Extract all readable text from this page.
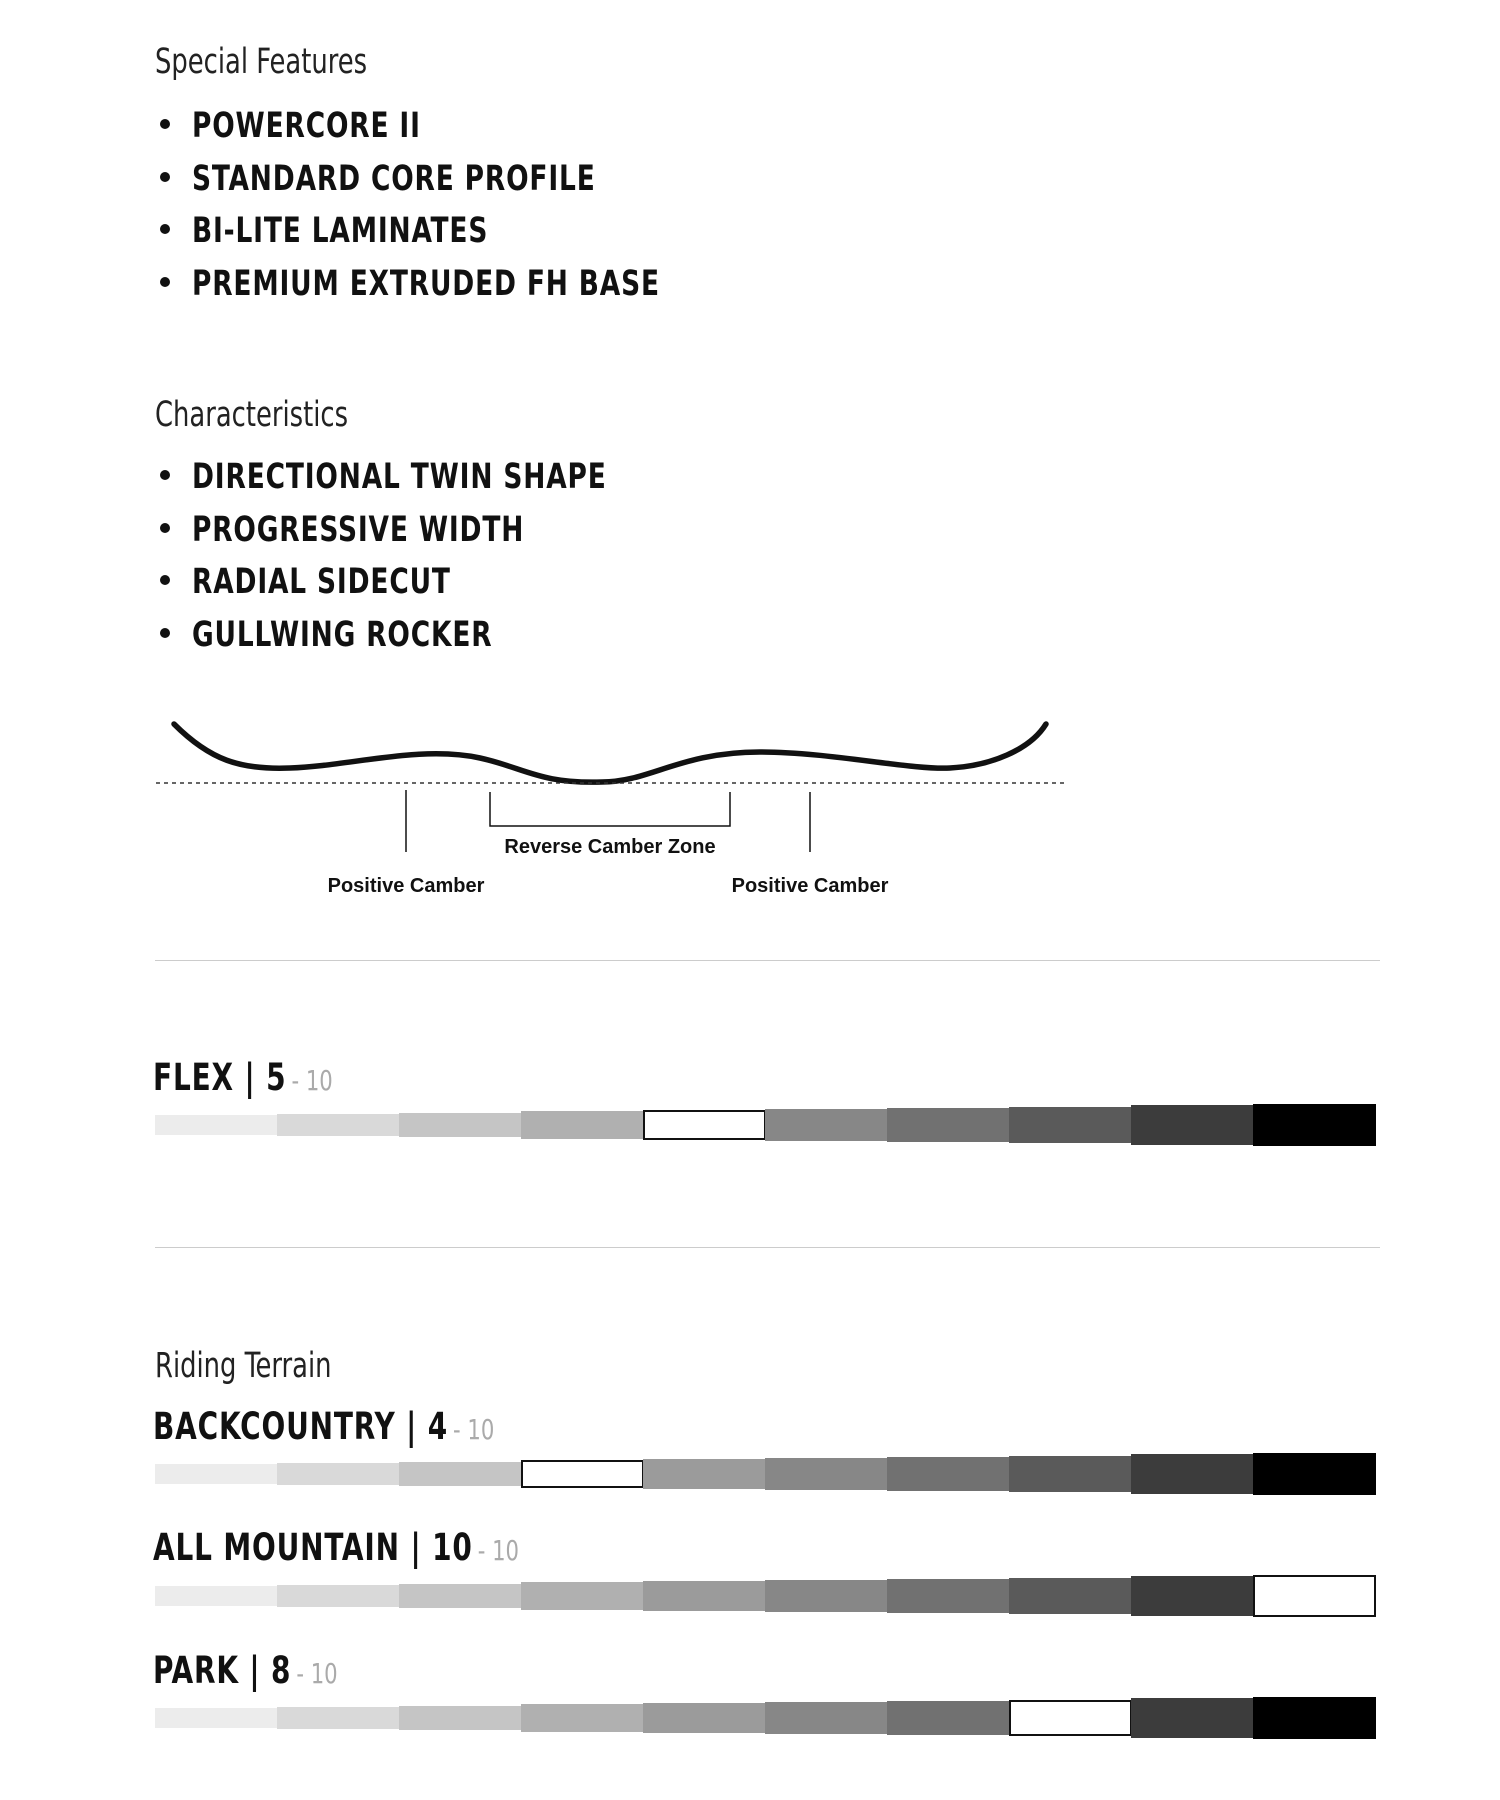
Special Features
POWERCORE II
STANDARD CORE PROFILE
BI-LITE LAMINATES
PREMIUM EXTRUDED FH BASE
Characteristics
DIRECTIONAL TWIN SHAPE
PROGRESSIVE WIDTH
RADIAL SIDECUT
GULLWING ROCKER
Reverse Camber Zone
Positive Camber	Positive Camber
FLEX | 5 - 10
Riding Terrain
BACKCOUNTRY | 4 - 10
ALL MOUNTAIN | 10 - 10
PARK | 8 - 10
